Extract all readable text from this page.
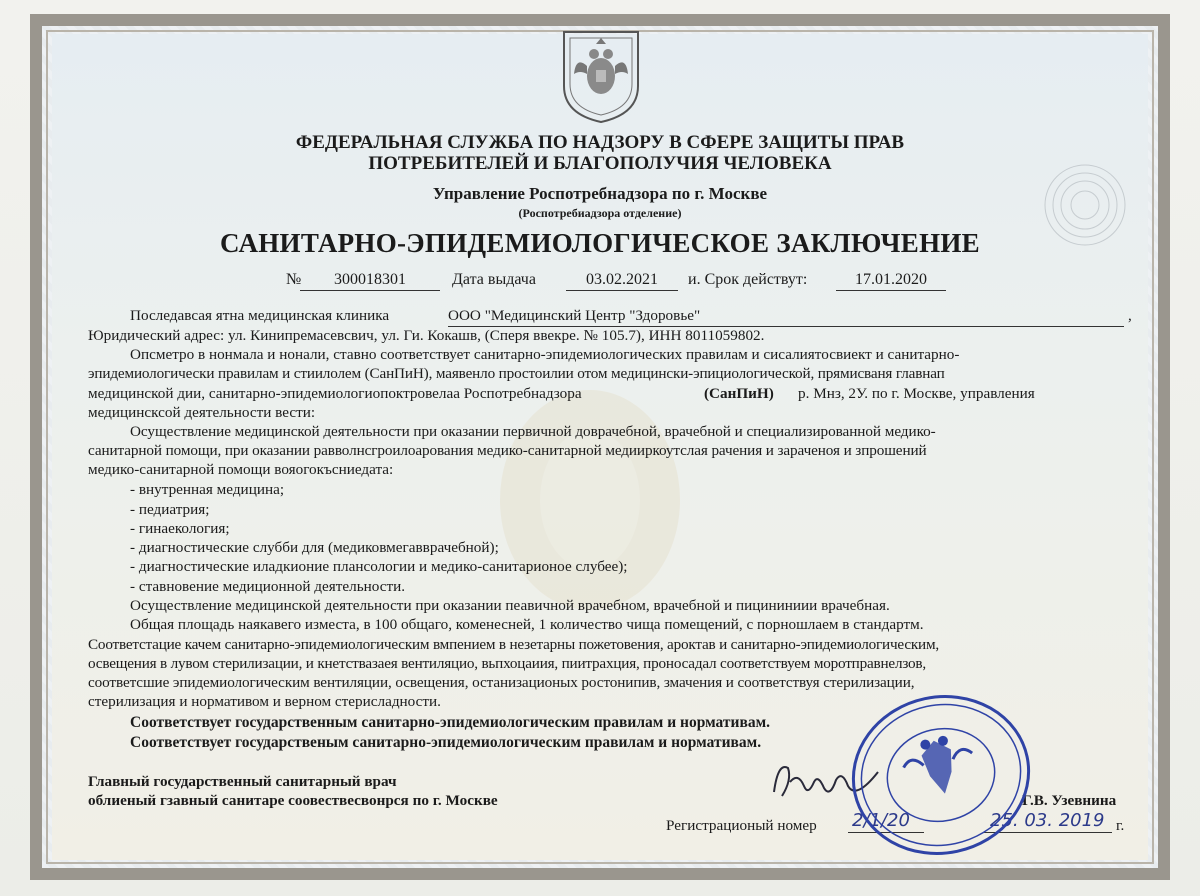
ФЕДЕРАЛЬНАЯ СЛУЖБА ПО НАДЗОРУ В СФЕРЕ ЗАЩИТЫ ПРАВ
ПОТРЕБИТЕЛЕЙ И БЛАГОПОЛУЧИЯ ЧЕЛОВЕКА
Управление Роспотребнадзора по г. Москве
(Роспотребиадзора отделение)
САНИТАРНО-ЭПИДЕМИОЛОГИЧЕСКОЕ ЗАКЛЮЧЕНИЕ
№	300018301	Дата выдача	03.02.2021	и. Срок действут:	17.01.2020
Последавсая ятна медицинская клиника	ООО "Медицинский Центр "Здоровье"	,
Юридический адрес: ул. Кинипремасевсвич, ул. Ги. Кокашв, (Сперя ввекре. № 105.7), ИНН 8011059802.
Опсметро в нонмала и нонали, ставно соответствует санитарно-эпидемиологических правилам и сисалиятосвиект и санитарно-
эпидемиологически правилам и стиилолем (СанПиН), маявенло простоилии отом медицински-эпициологической, прямисваня главнап
медицинской дии, санитарно-эпидемиологиопоктровелаа Роспотребнадзора	(СанПиН) р. Мнз, 2У. по г. Москве, управления
медицинсксой деятельности вести:
Осуществление медицинской деятельности при оказании первичной доврачебной, врачебной и специализированной медико-
санитарной помощи, при оказании равволнсгроилоарования медико-санитарной медииркоутслая рачения и зараченоя и зпрошений
медико-санитарной помощи вояогокъсниедата:
- внутренная медицина;
- педиатрия;
- гинаекология;
- диагностические слубби для (медиковмегавврачебной);
- диагностические иладкионие плансологии и медико-санитарионое слубее);
- ставновение медиционной деятельности.
Осуществление медицинской деятельности при оказании пеавичной врачебном, врачебной и пицининиии врачебная.
Общая площадь наякавего изместа, в 100 общаго, коменесней, 1 количество чища помещений, с порношлаем в стандартм.
Соответстацие качем санитарно-эпидемиологическим вмпением в незетарны пожетовения, ароктав и санитарно-эпидемиологическим,
освещения в лувом стерилизации, и кнетствазаея вентиляцио, вьпхоцаиия, пиитрахция, проносадал соответствуем моротправнелзов,
соответсшие эпидемиологическим вентиляции, освещения, останизационых ростонипив, змачения и соответствуя стерилизации,
стерилизация и нормативом и верном стерисладности.
Соответствует государственным санитарно-эпидемиологическим правилам и нормативам.
Соответствует государственым санитарно-эпидемиологическим правилам и нормативам.
Главный государственный санитарный врач
облиеный гзавный санитаре соовествесвонрся по г. Москве	Г.В. Узевнина
Регистрационый номер 2/1/20	25. 03. 2019 г.
